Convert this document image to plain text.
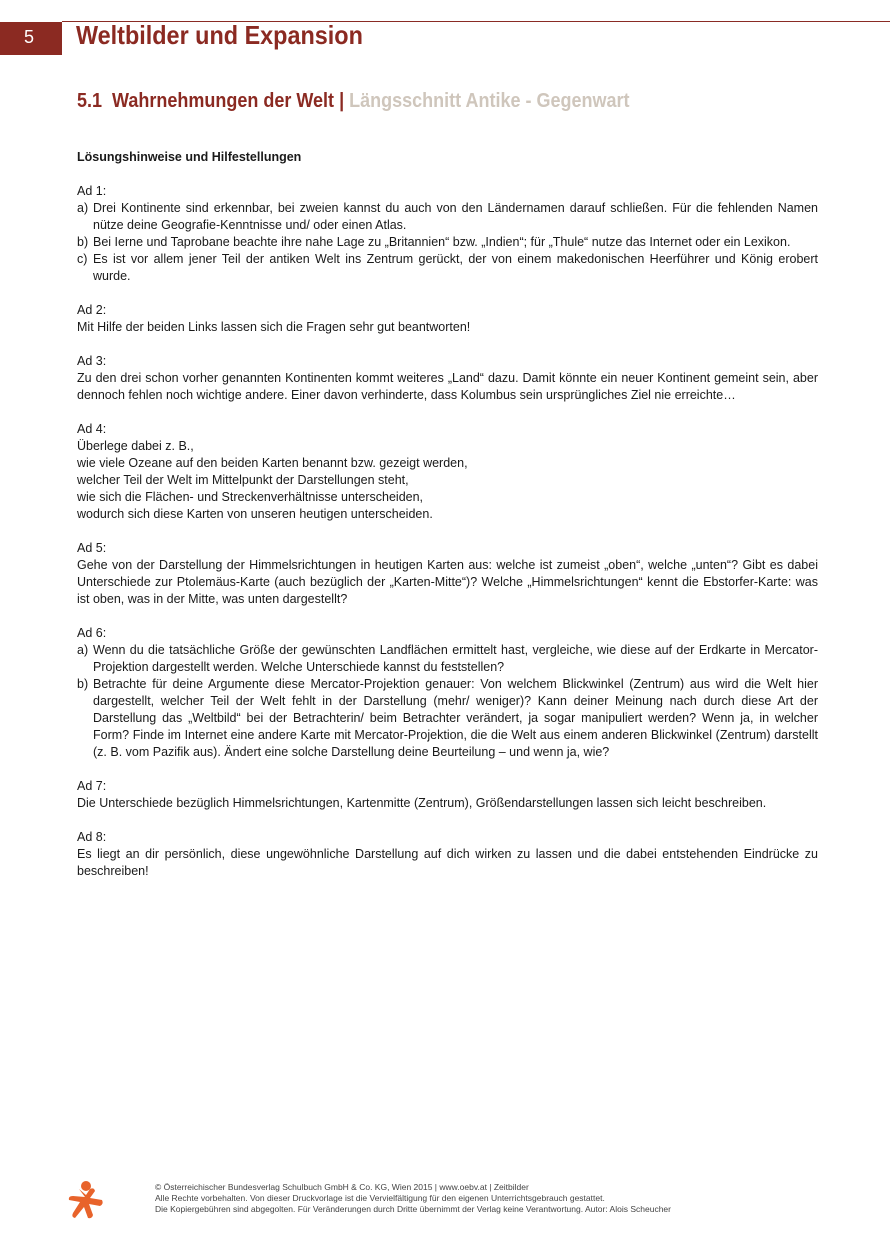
5	Weltbilder und Expansion
5.1 Wahrnehmungen der Welt | Längsschnitt Antike - Gegenwart

Lösungshinweise und Hilfestellungen

Ad 1:

a) Drei Kontinente sind erkennbar, bei zweien kannst du auch von den Ländernamen darauf schließen. Für die fehlenden Namen nütze deine Geografie-Kenntnisse und/ oder einen Atlas.
b) Bei Ierne und Taprobane beachte ihre nahe Lage zu „Britannien“ bzw. „Indien“; für „Thule“ nutze das Internet oder ein Lexikon.
c) Es ist vor allem jener Teil der antiken Welt ins Zentrum gerückt, der von einem makedonischen Heerführer und König erobert wurde.

Ad 2:

Mit Hilfe der beiden Links lassen sich die Fragen sehr gut beantworten!

Ad 3:

Zu den drei schon vorher genannten Kontinenten kommt weiteres „Land“ dazu. Damit könnte ein neuer Kontinent gemeint sein, aber dennoch fehlen noch wichtige andere. Einer davon verhinderte, dass Kolumbus sein ursprüngliches Ziel nie erreichte…

Ad 4:

Überlege dabei z. B.,

wie viele Ozeane auf den beiden Karten benannt bzw. gezeigt werden,

welcher Teil der Welt im Mittelpunkt der Darstellungen steht,

wie sich die Flächen- und Streckenverhältnisse unterscheiden,

wodurch sich diese Karten von unseren heutigen unterscheiden.

Ad 5:

Gehe von der Darstellung der Himmelsrichtungen in heutigen Karten aus: welche ist zumeist „oben“, welche „unten“? Gibt es dabei Unterschiede zur Ptolemäus-Karte (auch bezüglich der „Karten-Mitte“)? Welche „Himmelsrichtungen“ kennt die Ebstorfer-Karte: was ist oben, was in der Mitte, was unten dargestellt?

Ad 6:

a) Wenn du die tatsächliche Größe der gewünschten Landflächen ermittelt hast, vergleiche, wie diese auf der Erdkarte in Mercator-Projektion dargestellt werden. Welche Unterschiede kannst du feststellen?
b) Betrachte für deine Argumente diese Mercator-Projektion genauer: Von welchem Blickwinkel (Zentrum) aus wird die Welt hier dargestellt, welcher Teil der Welt fehlt in der Darstellung (mehr/ weniger)? Kann deiner Meinung nach durch diese Art der Darstellung das „Weltbild“ bei der Betrachterin/ beim Betrachter verändert, ja sogar manipuliert werden? Wenn ja, in welcher Form? Finde im Internet eine andere Karte mit Mercator-Projektion, die die Welt aus einem anderen Blickwinkel (Zentrum) darstellt (z. B. vom Pazifik aus). Ändert eine solche Darstellung deine Beurteilung – und wenn ja, wie?

Ad 7:

Die Unterschiede bezüglich Himmelsrichtungen, Kartenmitte (Zentrum), Größendarstellungen lassen sich leicht beschreiben.

Ad 8:

Es liegt an dir persönlich, diese ungewöhnliche Darstellung auf dich wirken zu lassen und die dabei entstehenden Eindrücke zu beschreiben!

© Österreichischer Bundesverlag Schulbuch GmbH & Co. KG, Wien 2015 | www.oebv.at | Zeitbilder
Alle Rechte vorbehalten. Von dieser Druckvorlage ist die Vervielfältigung für den eigenen Unterrichtsgebrauch gestattet.
Die Kopiergebühren sind abgegolten. Für Veränderungen durch Dritte übernimmt der Verlag keine Verantwortung. Autor: Alois Scheucher
